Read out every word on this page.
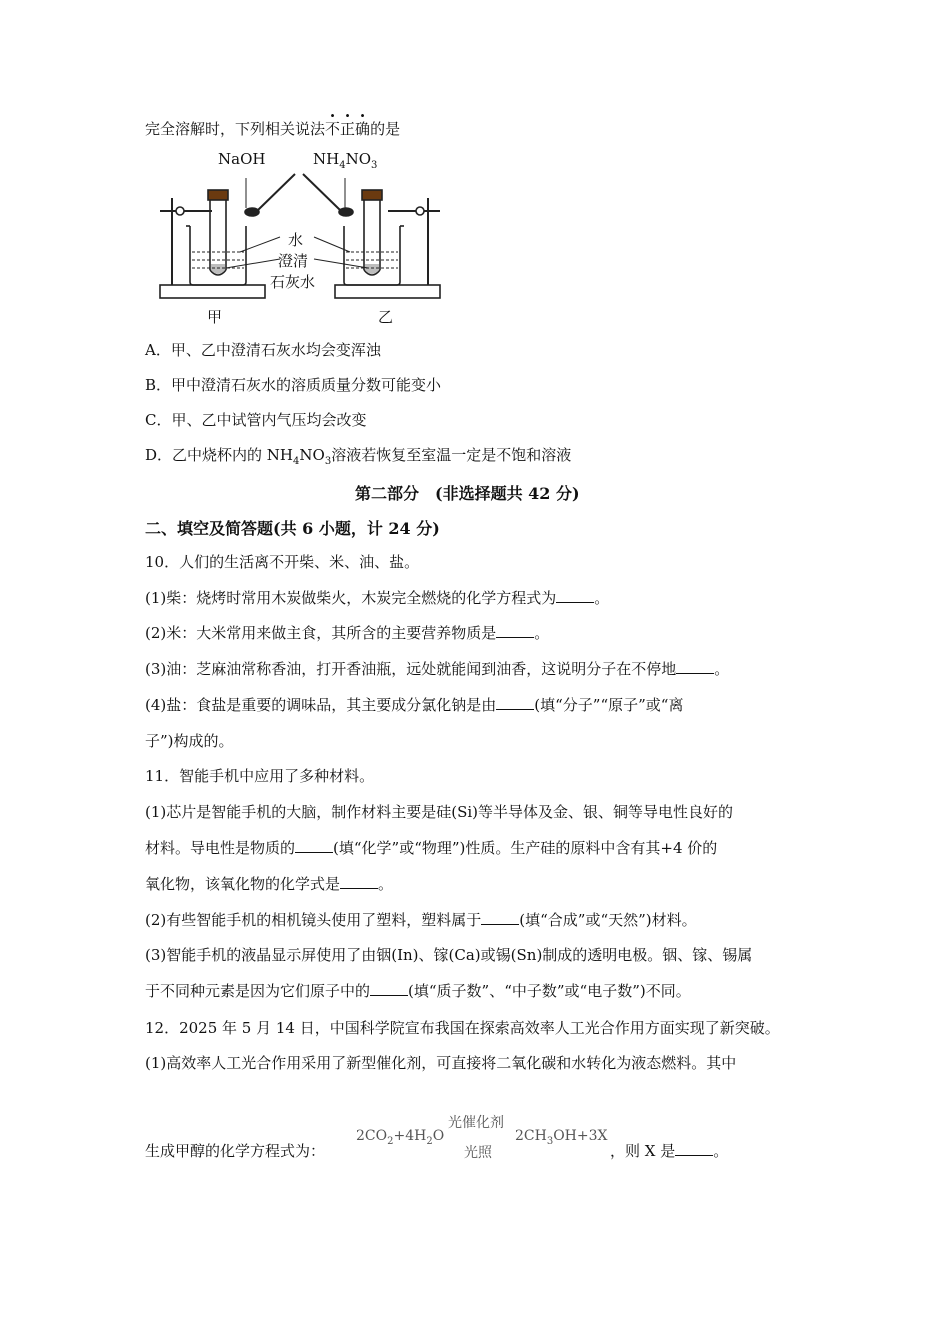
完全溶解时，下列相关说法不正确的是
NaOH	$NH_4NO_3$
水
澄清
石灰水
甲	乙
A．甲、乙中澄清石灰水均会变浑浊
B．甲中澄清石灰水的溶质质量分数可能变小
C．甲、乙中试管内气压均会改变
D．乙中烧杯内的 $NH_4NO_3$溶液若恢复至室温一定是不饱和溶液
第二部分　(非选择题共 42 分)
二、填空及简答题(共 6 小题，计 24 分)
10．人们的生活离不开柴、米、油、盐。
(1)柴：烧烤时常用木炭做柴火，木炭完全燃烧的化学方程式为	。
(2)米：大米常用来做主食，其所含的主要营养物质是	。
(3)油：芝麻油常称香油，打开香油瓶，远处就能闻到油香，这说明分子在不停地	。
(4)盐：食盐是重要的调味品，其主要成分氯化钠是由	(填“分子”“原子”或“离
子”)构成的。
11．智能手机中应用了多种材料。
(1)芯片是智能手机的大脑，制作材料主要是硅(Si)等半导体及金、银、铜等导电性良好的
材料。导电性是物质的	(填“化学”或“物理”)性质。生产硅的原料中含有其+4 价的
氧化物，该氧化物的化学式是	。
(2)有些智能手机的相机镜头使用了塑料，塑料属于	(填“合成”或“天然”)材料。
(3)智能手机的液晶显示屏使用了由铟(In)、镓(Ca)或锡(Sn)制成的透明电极。铟、镓、锡属
于不同种元素是因为它们原子中的	(填“质子数”、“中子数”或“电子数”)不同。
12．2025 年 5 月 14 日，中国科学院宣布我国在探索高效率人工光合作用方面实现了新突破。
(1)高效率人工光合作用采用了新型催化剂，可直接将二氧化碳和水转化为液态燃料。其中
生成甲醇的化学方程式为：
$2CO_2+4H_2O$
光催化剂
光照
$2CH_3OH+3X$
，则 X 是	。
